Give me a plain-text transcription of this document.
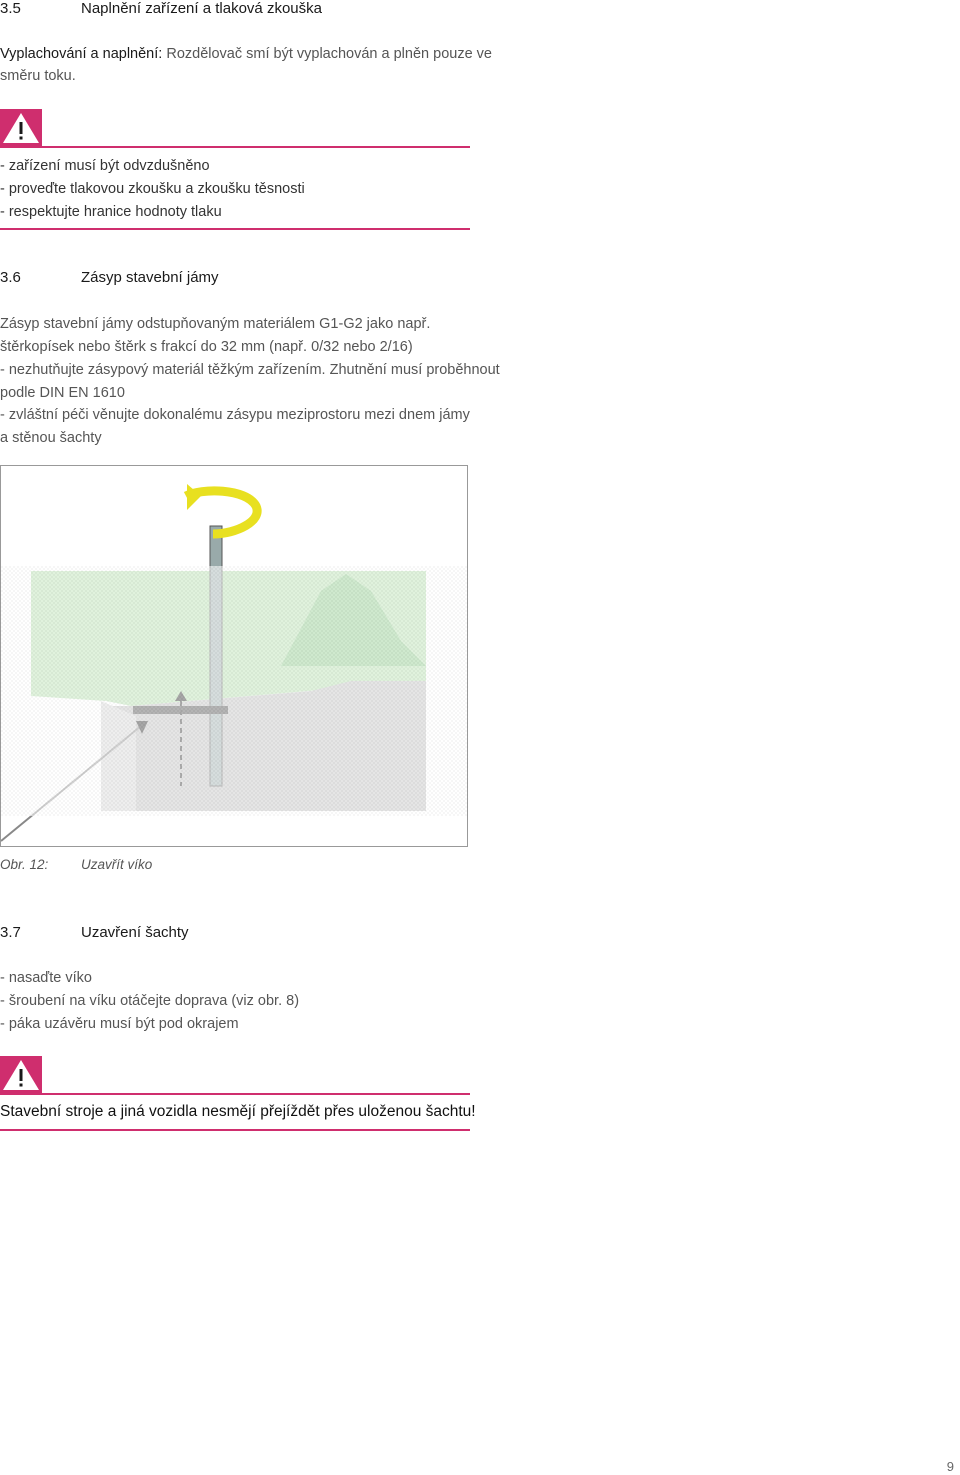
3.5	Naplnění zařízení a tlaková zkouška
Vyplachování a naplnění: Rozdělovač smí být vyplachován a plněn pouze ve
směru toku.
- zařízení musí být odvzdušněno
- proveďte tlakovou zkoušku a zkoušku těsnosti
- respektujte hranice hodnoty tlaku
3.6	Zásyp stavební jámy
Zásyp stavební jámy odstupňovaným materiálem G1-G2 jako např.
štěrkopísek nebo štěrk s frakcí do 32 mm (např. 0/32 nebo 2/16)
- nezhutňujte zásypový materiál těžkým zařízením. Zhutnění musí proběhnout
podle DIN EN 1610
- zvláštní péči věnujte dokonalému zásypu meziprostoru mezi dnem jámy
a stěnou šachty
Obr. 12: Uzavřít víko
3.7	Uzavření šachty
- nasaďte víko
- šroubení na víku otáčejte doprava (viz obr. 8)
- páka uzávěru musí být pod okrajem
Stavební stroje a jiná vozidla nesmějí přejíždět přes uloženou šachtu!
9
